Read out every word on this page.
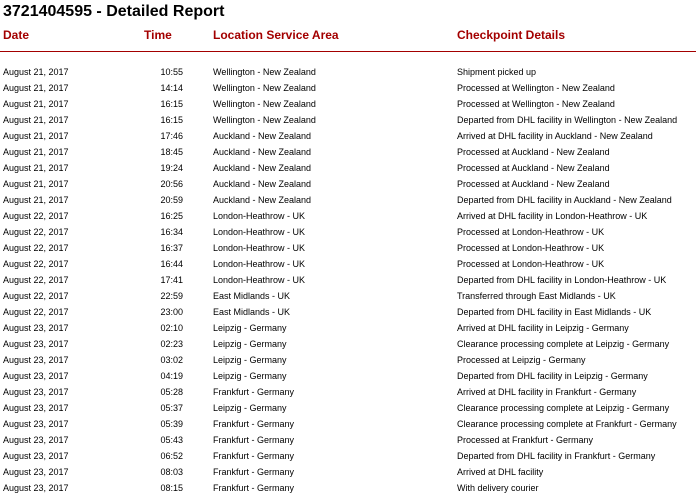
3721404595 - Detailed Report
Date	Time	Location Service Area	Checkpoint Details
August 21, 2017	10:55	Wellington - New Zealand	Shipment picked up
August 21, 2017	14:14	Wellington - New Zealand	Processed at Wellington - New Zealand
August 21, 2017	16:15	Wellington - New Zealand	Processed at Wellington - New Zealand
August 21, 2017	16:15	Wellington - New Zealand	Departed from DHL facility in Wellington - New Zealand
August 21, 2017	17:46	Auckland - New Zealand	Arrived at DHL facility in Auckland - New Zealand
August 21, 2017	18:45	Auckland - New Zealand	Processed at Auckland - New Zealand
August 21, 2017	19:24	Auckland - New Zealand	Processed at Auckland - New Zealand
August 21, 2017	20:56	Auckland - New Zealand	Processed at Auckland - New Zealand
August 21, 2017	20:59	Auckland - New Zealand	Departed from DHL facility in Auckland - New Zealand
August 22, 2017	16:25	London-Heathrow - UK	Arrived at DHL facility in London-Heathrow - UK
August 22, 2017	16:34	London-Heathrow - UK	Processed at London-Heathrow - UK
August 22, 2017	16:37	London-Heathrow - UK	Processed at London-Heathrow - UK
August 22, 2017	16:44	London-Heathrow - UK	Processed at London-Heathrow - UK
August 22, 2017	17:41	London-Heathrow - UK	Departed from DHL facility in London-Heathrow - UK
August 22, 2017	22:59	East Midlands - UK	Transferred through East Midlands - UK
August 22, 2017	23:00	East Midlands - UK	Departed from DHL facility in East Midlands - UK
August 23, 2017	02:10	Leipzig - Germany	Arrived at DHL facility in Leipzig - Germany
August 23, 2017	02:23	Leipzig - Germany	Clearance processing complete at Leipzig - Germany
August 23, 2017	03:02	Leipzig - Germany	Processed at Leipzig - Germany
August 23, 2017	04:19	Leipzig - Germany	Departed from DHL facility in Leipzig - Germany
August 23, 2017	05:28	Frankfurt - Germany	Arrived at DHL facility in Frankfurt - Germany
August 23, 2017	05:37	Leipzig - Germany	Clearance processing complete at Leipzig - Germany
August 23, 2017	05:39	Frankfurt - Germany	Clearance processing complete at Frankfurt - Germany
August 23, 2017	05:43	Frankfurt - Germany	Processed at Frankfurt - Germany
August 23, 2017	06:52	Frankfurt - Germany	Departed from DHL facility in Frankfurt - Germany
August 23, 2017	08:03	Frankfurt - Germany	Arrived at DHL facility
August 23, 2017	08:15	Frankfurt - Germany	With delivery courier
